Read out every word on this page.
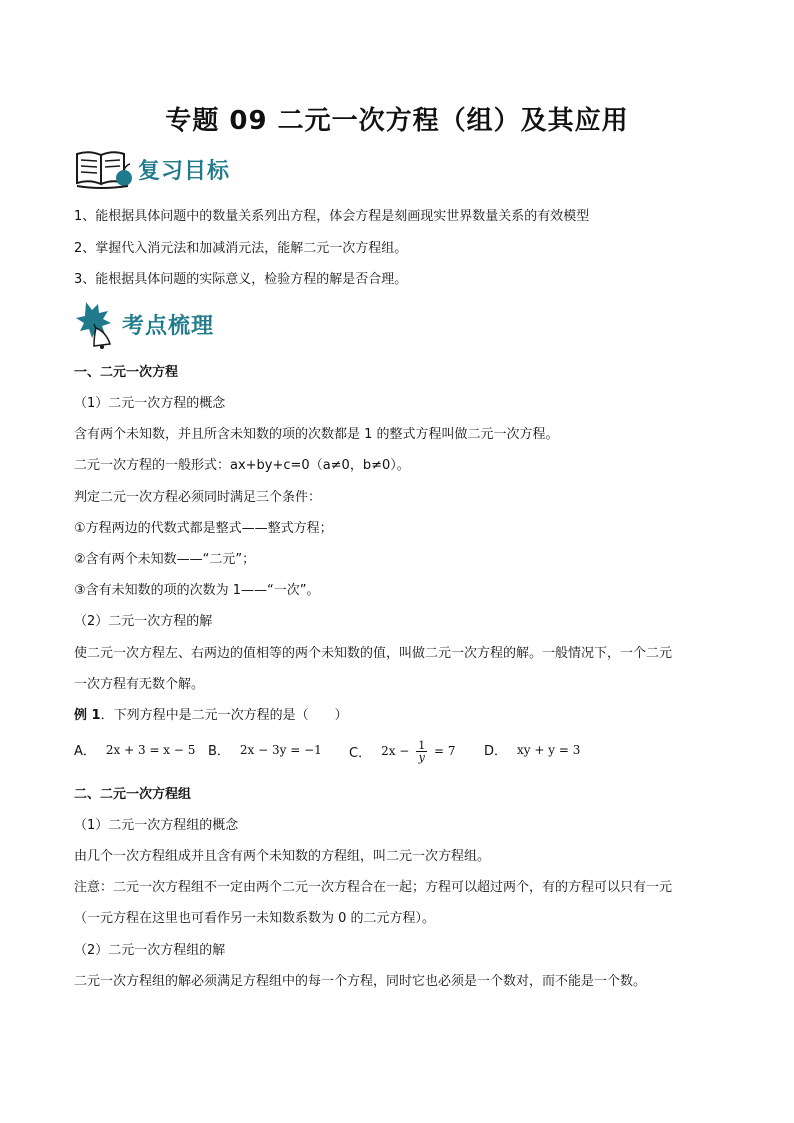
专题 09 二元一次方程（组）及其应用
复习目标
1、能根据具体问题中的数量关系列出方程，体会方程是刻画现实世界数量关系的有效模型
2、掌握代入消元法和加减消元法，能解二元一次方程组。
3、能根据具体问题的实际意义，检验方程的解是否合理。
考点梳理
一、二元一次方程
（1）二元一次方程的概念
含有两个未知数，并且所含未知数的项的次数都是 1 的整式方程叫做二元一次方程。
二元一次方程的一般形式：ax+by+c=0（a≠0，b≠0）。
判定二元一次方程必须同时满足三个条件：
①方程两边的代数式都是整式——整式方程；
②含有两个未知数——“二元”；
③含有未知数的项的次数为 1——“一次”。
（2）二元一次方程的解
使二元一次方程左、右两边的值相等的两个未知数的值，叫做二元一次方程的解。一般情况下，一个二元
一次方程有无数个解。
例 1．下列方程中是二元一次方程的是（　　）
A． 2x + 3 = x − 5 B． 2x − 3y = −1 C． $2x - \frac{1}{y} = 7$ D． xy + y = 3
二、二元一次方程组
（1）二元一次方程组的概念
由几个一次方程组成并且含有两个未知数的方程组，叫二元一次方程组。
注意：二元一次方程组不一定由两个二元一次方程合在一起；方程可以超过两个，有的方程可以只有一元
（一元方程在这里也可看作另一未知数系数为 0 的二元方程）。
（2）二元一次方程组的解
二元一次方程组的解必须满足方程组中的每一个方程，同时它也必须是一个数对，而不能是一个数。
